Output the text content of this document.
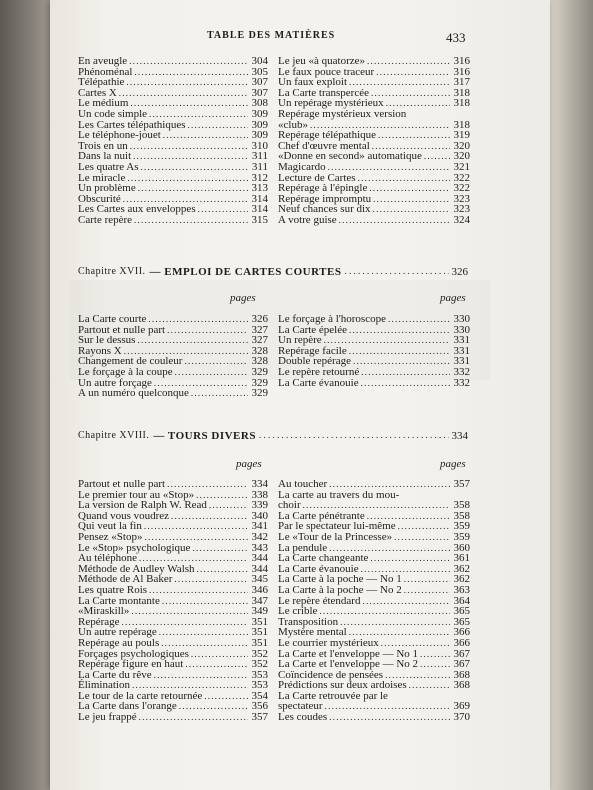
TABLE DES MATIÈRES	433
En aveugle . . .	304
Phénoménal . . .	305
Télépathie . . .	307
Cartes X . . .	307
Le médium . . .	308
Un code simple . . .	309
Les Cartes télépathiques . . .	309
Le téléphone-jouet . . .	309
Trois en un . . .	310
Dans la nuit . . .	311
Les quatre As . . .	311
Le miracle . . .	312
Un problème . . .	313
Obscurité . . .	314
Les Cartes aux enveloppes . . .	314
Carte repère . . .	315
Le jeu «à quatorze» . . .	316
Le faux pouce traceur . . .	316
Un faux exploit . . .	317
La Carte transpercée . . .	318
Un repérage mystérieux . . .	318
Repérage mystérieux version
«club» . . .	318
Repérage télépathique . . .	319
Chef d'œuvre mental . . .	320
«Donne en second» automatique . . .	320
Magicardo . . .	321
Lecture de Cartes . . .	322
Repérage à l'épingle . . .	322
Repérage impromptu . . .	323
Neuf chances sur dix . . .	323
A votre guise . . .	324
Chapitre XVII. — EMPLOI DE CARTES COURTES . . .	326
pages	pages
La Carte courte . . .	326
Partout et nulle part . . .	327
Sur le dessus . . .	327
Rayons X . . .	328
Changement de couleur . . .	328
Le forçage à la coupe . . .	329
Un autre forçage . . .	329
A un numéro quelconque . . .	329
Le forçage à l'horoscope . . .	330
La Carte épelée . . .	330
Un repère . . .	331
Repérage facile . . .	331
Double repérage . . .	331
Le repère retourné . . .	332
La Carte évanouie . . .	332
Chapitre XVIII. — TOURS DIVERS . . .	334
pages	pages
Partout et nulle part . . .	334
Le premier tour au «Stop» . . .	338
La version de Ralph W. Read . . .	339
Quand vous voudrez . . .	340
Qui veut la fin . . .	341
Pensez «Stop» . . .	342
Le «Stop» psychologique . . .	343
Au téléphone . . .	344
Méthode de Audley Walsh . . .	344
Méthode de Al Baker . . .	345
Les quatre Rois . . .	346
La Carte montante . . .	347
«Miraskill» . . .	349
Repérage . . .	351
Un autre repérage . . .	351
Repérage au pouls . . .	351
Forçages psychologiques . . .	352
Repérage figure en haut . . .	352
La Carte du rêve . . .	353
Élimination . . .	353
Le tour de la carte retournée . . .	354
La Carte dans l'orange . . .	356
Le jeu frappé . . .	357
Au toucher . . .	357
La carte au travers du mou-
choir . . .	358
La Carte pénétrante . . .	358
Par le spectateur lui-même . . .	359
Le «Tour de la Princesse» . . .	359
La pendule . . .	360
La Carte changeante . . .	361
La Carte évanouie . . .	362
La Carte à la poche — No 1 . . .	362
La Carte à la poche — No 2 . . .	363
Le repère étendard . . .	364
Le crible . . .	365
Transposition . . .	365
Mystère mental . . .	366
Le courrier mystérieux . . .	366
La Carte et l'enveloppe — No 1 . . .	367
La Carte et l'enveloppe — No 2 . . .	367
Coïncidence de pensées . . .	368
Prédictions sur deux ardoises . . .	368
La Carte retrouvée par le
spectateur . . .	369
Les coudes . . .	370
